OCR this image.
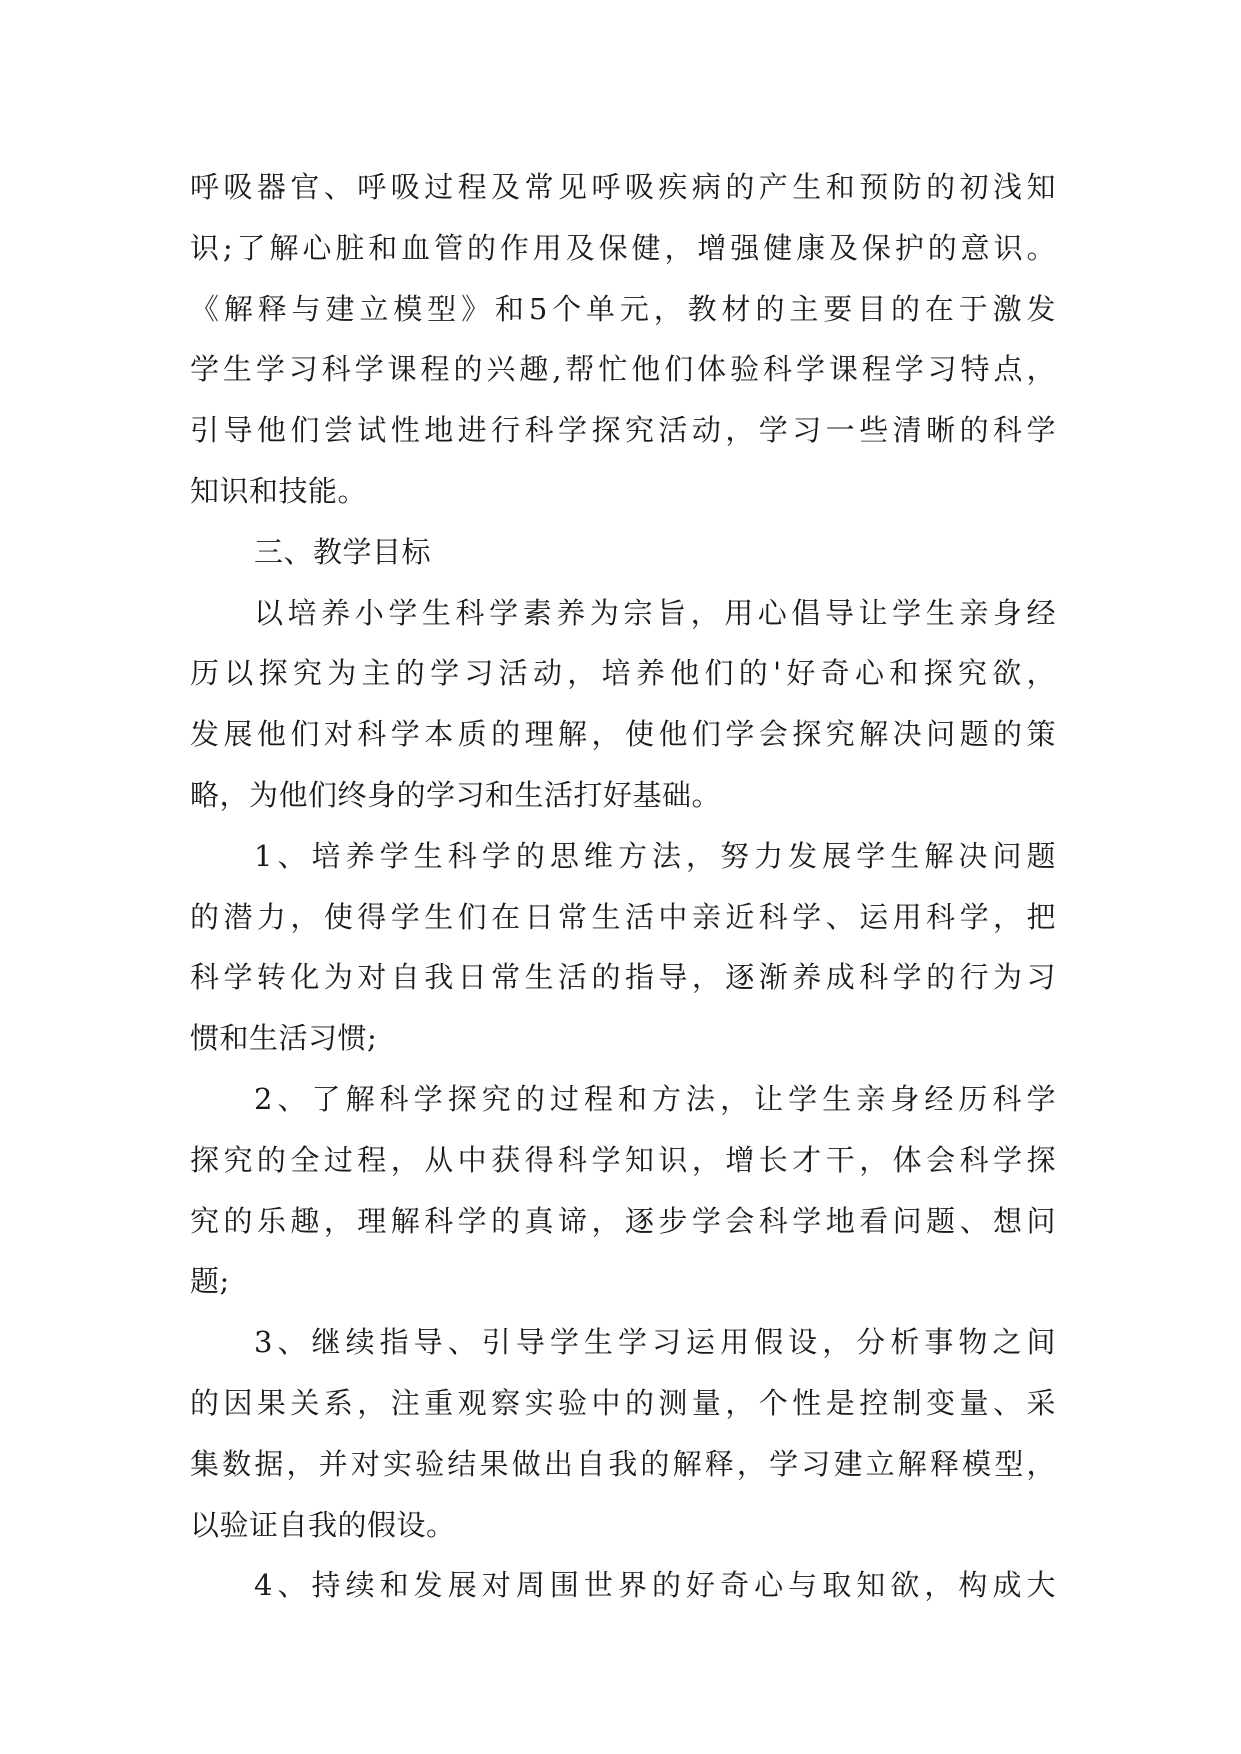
呼吸器官、呼吸过程及常见呼吸疾病的产生和预防的初浅知
识;了解心脏和血管的作用及保健，增强健康及保护的意识。
《解释与建立模型》和5个单元，教材的主要目的在于激发
学生学习科学课程的兴趣,帮忙他们体验科学课程学习特点，
引导他们尝试性地进行科学探究活动，学习一些清晰的科学
知识和技能。
三、教学目标
以培养小学生科学素养为宗旨，用心倡导让学生亲身经
历以探究为主的学习活动，培养他们的'好奇心和探究欲，
发展他们对科学本质的理解，使他们学会探究解决问题的策
略，为他们终身的学习和生活打好基础。
1、培养学生科学的思维方法，努力发展学生解决问题
的潜力，使得学生们在日常生活中亲近科学、运用科学，把
科学转化为对自我日常生活的指导，逐渐养成科学的行为习
惯和生活习惯;
2、了解科学探究的过程和方法，让学生亲身经历科学
探究的全过程，从中获得科学知识，增长才干，体会科学探
究的乐趣，理解科学的真谛，逐步学会科学地看问题、想问
题;
3、继续指导、引导学生学习运用假设，分析事物之间
的因果关系，注重观察实验中的测量，个性是控制变量、采
集数据，并对实验结果做出自我的解释，学习建立解释模型，
以验证自我的假设。
4、持续和发展对周围世界的好奇心与取知欲，构成大
